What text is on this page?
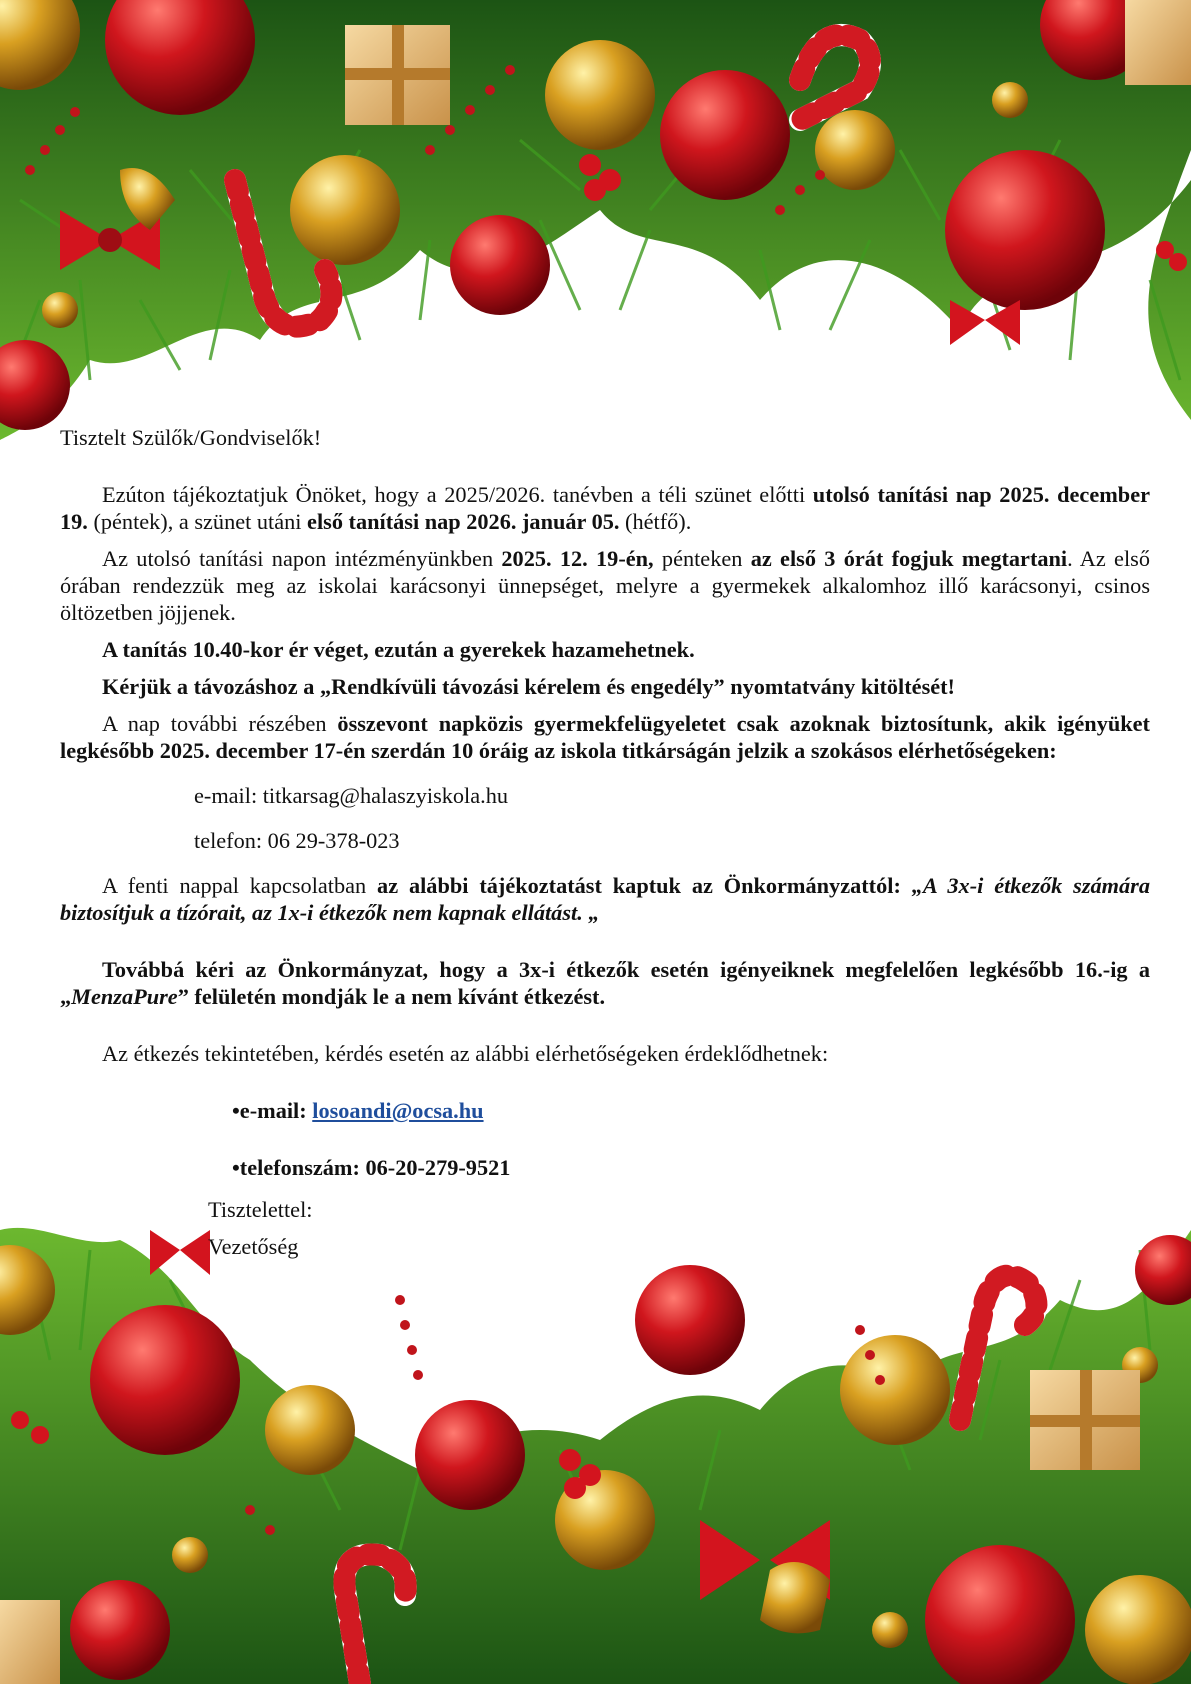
Tisztelt Szülők/Gondviselők!

Ezúton tájékoztatjuk Önöket, hogy a 2025/2026. tanévben a téli szünet előtti utolsó tanítási nap 2025. december 19. (péntek), a szünet utáni első tanítási nap 2026. január 05. (hétfő).

Az utolsó tanítási napon intézményünkben 2025. 12. 19-én, pénteken az első 3 órát fogjuk megtartani. Az első órában rendezzük meg az iskolai karácsonyi ünnepséget, melyre a gyermekek alkalomhoz illő karácsonyi, csinos öltözetben jöjjenek.

A tanítás 10.40-kor ér véget, ezután a gyerekek hazamehetnek.

Kérjük a távozáshoz a „Rendkívüli távozási kérelem és engedély” nyomtatvány kitöltését!

A nap további részében összevont napközis gyermekfelügyeletet csak azoknak biztosítunk, akik igényüket legkésőbb 2025. december 17-én szerdán 10 óráig az iskola titkárságán jelzik a szokásos elérhetőségeken:

e-mail: titkarsag@halaszyiskola.hu

telefon: 06 29-378-023

A fenti nappal kapcsolatban az alábbi tájékoztatást kaptuk az Önkormányzattól: „A 3x-i étkezők számára biztosítjuk a tízórait, az 1x-i étkezők nem kapnak ellátást. „

Továbbá kéri az Önkormányzat, hogy a 3x-i étkezők esetén igényeiknek megfelelően legkésőbb 16.-ig a „MenzaPure” felületén mondják le a nem kívánt étkezést.

Az étkezés tekintetében, kérdés esetén az alábbi elérhetőségeken érdeklődhetnek:

•e-mail: losoandi@ocsa.hu

•telefonszám: 06-20-279-9521

Tisztelettel:

Vezetőség
